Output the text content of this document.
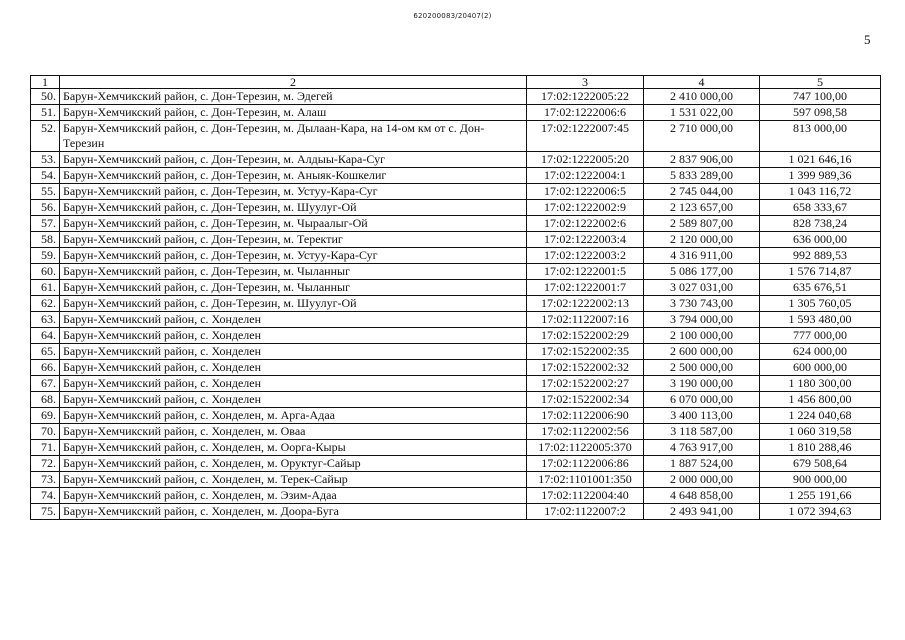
620200083/20407(2)
5
1	2	3	4	5
50.	Барун-Хемчикский район, с. Дон-Терезин, м. Эдегей	17:02:1222005:22	2 410 000,00	747 100,00
51.	Барун-Хемчикский район, с. Дон-Терезин, м. Алаш	17:02:1222006:6	1 531 022,00	597 098,58
52.	Барун-Хемчикский район, с. Дон-Терезин, м. Дылаан-Кара, на 14-ом км от с. Дон-Терезин	17:02:1222007:45	2 710 000,00	813 000,00
53.	Барун-Хемчикский район, с. Дон-Терезин, м. Алдыы-Кара-Суг	17:02:1222005:20	2 837 906,00	1 021 646,16
54.	Барун-Хемчикский район, с. Дон-Терезин, м. Аныяк-Кошкелиг	17:02:1222004:1	5 833 289,00	1 399 989,36
55.	Барун-Хемчикский район, с. Дон-Терезин, м. Устуу-Кара-Суг	17:02:1222006:5	2 745 044,00	1 043 116,72
56.	Барун-Хемчикский район, с. Дон-Терезин, м. Шуулуг-Ой	17:02:1222002:9	2 123 657,00	658 333,67
57.	Барун-Хемчикский район, с. Дон-Терезин, м. Чыраалыг-Ой	17:02:1222002:6	2 589 807,00	828 738,24
58.	Барун-Хемчикский район, с. Дон-Терезин, м. Теректиг	17:02:1222003:4	2 120 000,00	636 000,00
59.	Барун-Хемчикский район, с. Дон-Терезин, м. Устуу-Кара-Суг	17:02:1222003:2	4 316 911,00	992 889,53
60.	Барун-Хемчикский район, с. Дон-Терезин, м. Чыланныг	17:02:1222001:5	5 086 177,00	1 576 714,87
61.	Барун-Хемчикский район, с. Дон-Терезин, м. Чыланныг	17:02:1222001:7	3 027 031,00	635 676,51
62.	Барун-Хемчикский район, с. Дон-Терезин, м. Шуулуг-Ой	17:02:1222002:13	3 730 743,00	1 305 760,05
63.	Барун-Хемчикский район, с. Хонделен	17:02:1122007:16	3 794 000,00	1 593 480,00
64.	Барун-Хемчикский район, с. Хонделен	17:02:1522002:29	2 100 000,00	777 000,00
65.	Барун-Хемчикский район, с. Хонделен	17:02:1522002:35	2 600 000,00	624 000,00
66.	Барун-Хемчикский район, с. Хонделен	17:02:1522002:32	2 500 000,00	600 000,00
67.	Барун-Хемчикский район, с. Хонделен	17:02:1522002:27	3 190 000,00	1 180 300,00
68.	Барун-Хемчикский район, с. Хонделен	17:02:1522002:34	6 070 000,00	1 456 800,00
69.	Барун-Хемчикский район, с. Хонделен, м. Арга-Адаа	17:02:1122006:90	3 400 113,00	1 224 040,68
70.	Барун-Хемчикский район, с. Хонделен, м. Оваа	17:02:1122002:56	3 118 587,00	1 060 319,58
71.	Барун-Хемчикский район, с. Хонделен, м. Оорга-Кыры	17:02:1122005:370	4 763 917,00	1 810 288,46
72.	Барун-Хемчикский район, с. Хонделен, м. Оруктуг-Сайыр	17:02:1122006:86	1 887 524,00	679 508,64
73.	Барун-Хемчикский район, с. Хонделен, м. Терек-Сайыр	17:02:1101001:350	2 000 000,00	900 000,00
74.	Барун-Хемчикский район, с. Хонделен, м. Эзим-Адаа	17:02:1122004:40	4 648 858,00	1 255 191,66
75.	Барун-Хемчикский район, с. Хонделен, м. Доора-Буга	17:02:1122007:2	2 493 941,00	1 072 394,63
